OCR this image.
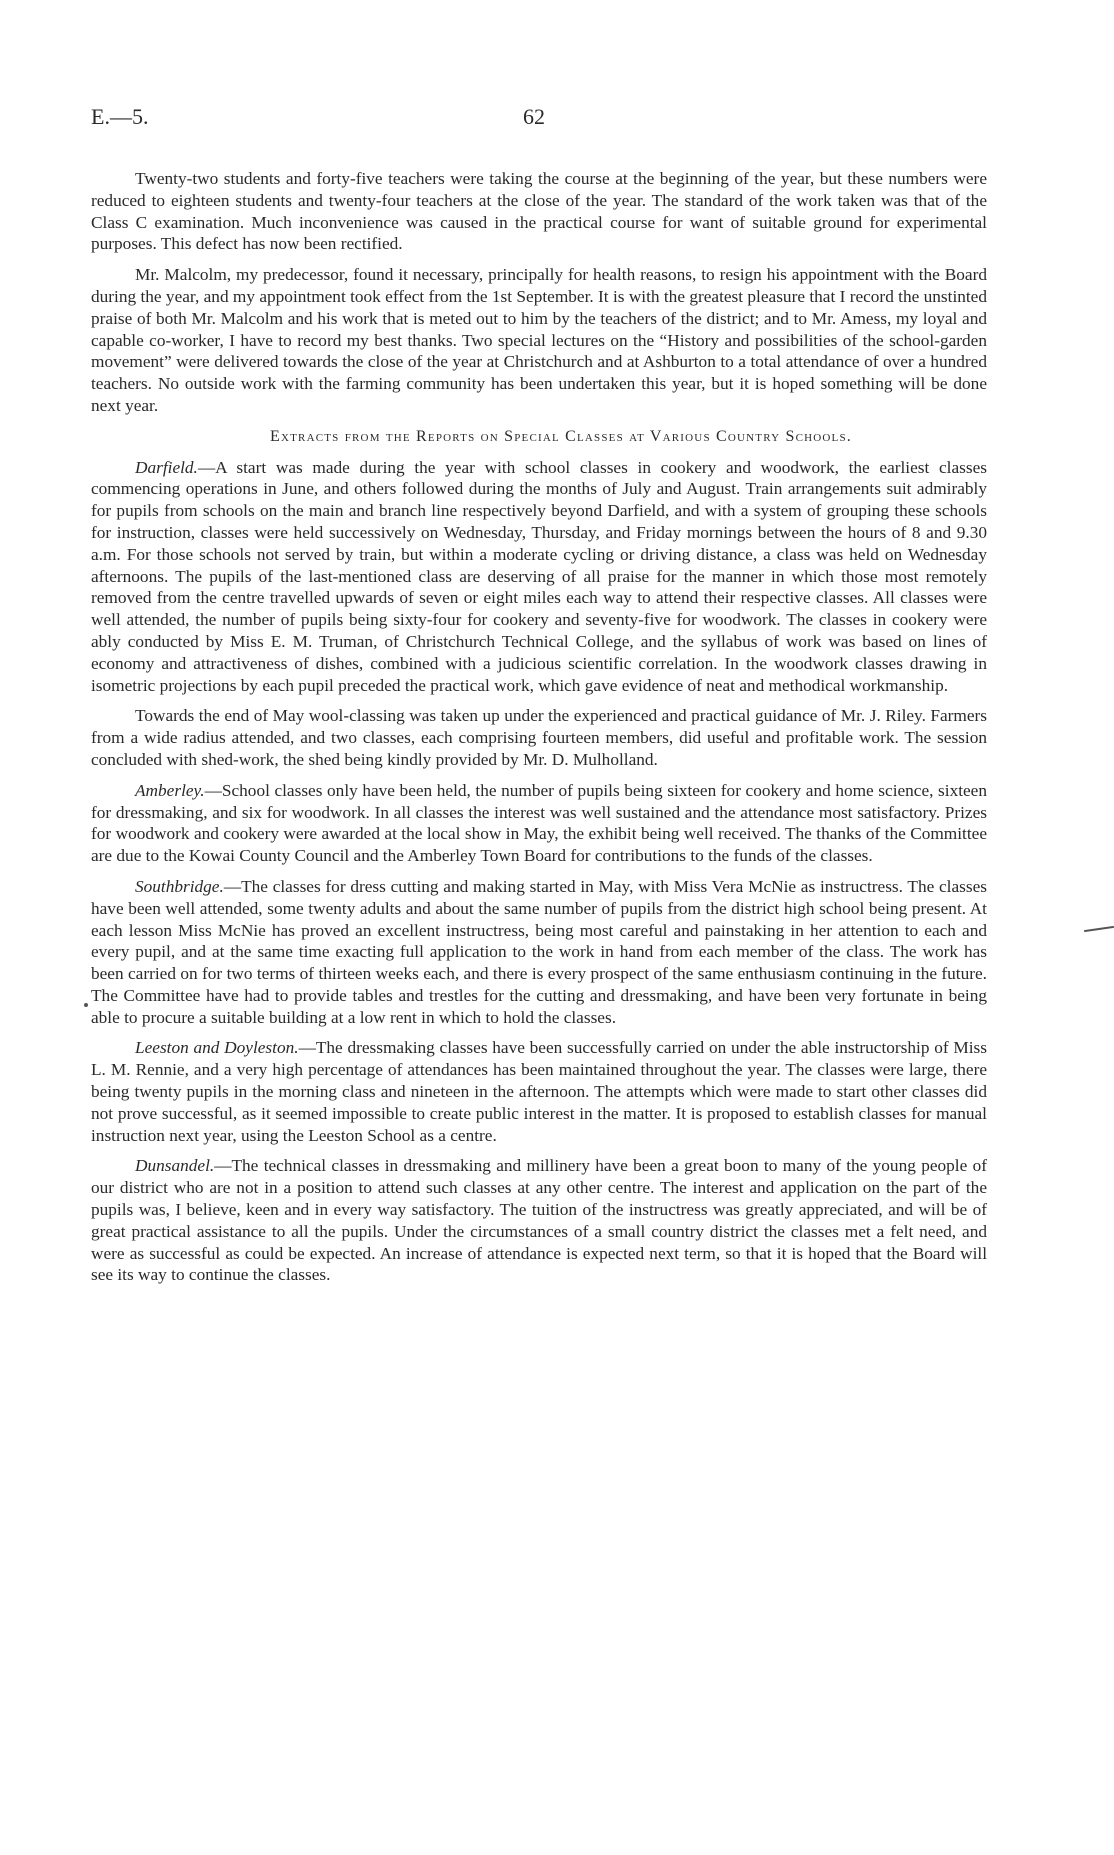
E.—5.	62

Twenty-two students and forty-five teachers were taking the course at the beginning of the year, but these numbers were reduced to eighteen students and twenty-four teachers at the close of the year. The standard of the work taken was that of the Class C examination. Much inconvenience was caused in the practical course for want of suitable ground for experimental purposes. This defect has now been rectified.

Mr. Malcolm, my predecessor, found it necessary, principally for health reasons, to resign his appointment with the Board during the year, and my appointment took effect from the 1st September. It is with the greatest pleasure that I record the unstinted praise of both Mr. Malcolm and his work that is meted out to him by the teachers of the district; and to Mr. Amess, my loyal and capable co-worker, I have to record my best thanks. Two special lectures on the “History and possibilities of the school-garden movement” were delivered towards the close of the year at Christchurch and at Ashburton to a total attendance of over a hundred teachers. No outside work with the farming community has been undertaken this year, but it is hoped something will be done next year.

Extracts from the Reports on Special Classes at Various Country Schools.

Darfield.—A start was made during the year with school classes in cookery and woodwork, the earliest classes commencing operations in June, and others followed during the months of July and August. Train arrangements suit admirably for pupils from schools on the main and branch line respectively beyond Darfield, and with a system of grouping these schools for instruction, classes were held successively on Wednesday, Thursday, and Friday mornings between the hours of 8 and 9.30 a.m. For those schools not served by train, but within a moderate cycling or driving distance, a class was held on Wednesday afternoons. The pupils of the last-mentioned class are deserving of all praise for the manner in which those most remotely removed from the centre travelled upwards of seven or eight miles each way to attend their respective classes. All classes were well attended, the number of pupils being sixty-four for cookery and seventy-five for woodwork. The classes in cookery were ably conducted by Miss E. M. Truman, of Christchurch Technical College, and the syllabus of work was based on lines of economy and attractiveness of dishes, combined with a judicious scientific correlation. In the woodwork classes drawing in isometric projections by each pupil preceded the practical work, which gave evidence of neat and methodical workmanship.

Towards the end of May wool-classing was taken up under the experienced and practical guidance of Mr. J. Riley. Farmers from a wide radius attended, and two classes, each comprising fourteen members, did useful and profitable work. The session concluded with shed-work, the shed being kindly provided by Mr. D. Mulholland.

Amberley.—School classes only have been held, the number of pupils being sixteen for cookery and home science, sixteen for dressmaking, and six for woodwork. In all classes the interest was well sustained and the attendance most satisfactory. Prizes for woodwork and cookery were awarded at the local show in May, the exhibit being well received. The thanks of the Committee are due to the Kowai County Council and the Amberley Town Board for contributions to the funds of the classes.

Southbridge.—The classes for dress cutting and making started in May, with Miss Vera McNie as instructress. The classes have been well attended, some twenty adults and about the same number of pupils from the district high school being present. At each lesson Miss McNie has proved an excellent instructress, being most careful and painstaking in her attention to each and every pupil, and at the same time exacting full application to the work in hand from each member of the class. The work has been carried on for two terms of thirteen weeks each, and there is every prospect of the same enthusiasm continuing in the future. The Committee have had to provide tables and trestles for the cutting and dressmaking, and have been very fortunate in being able to procure a suitable building at a low rent in which to hold the classes.

Leeston and Doyleston.—The dressmaking classes have been successfully carried on under the able instructorship of Miss L. M. Rennie, and a very high percentage of attendances has been maintained throughout the year. The classes were large, there being twenty pupils in the morning class and nineteen in the afternoon. The attempts which were made to start other classes did not prove successful, as it seemed impossible to create public interest in the matter. It is proposed to establish classes for manual instruction next year, using the Leeston School as a centre.

Dunsandel.—The technical classes in dressmaking and millinery have been a great boon to many of the young people of our district who are not in a position to attend such classes at any other centre. The interest and application on the part of the pupils was, I believe, keen and in every way satisfactory. The tuition of the instructress was greatly appreciated, and will be of great practical assistance to all the pupils. Under the circumstances of a small country district the classes met a felt need, and were as successful as could be expected. An increase of attendance is expected next term, so that it is hoped that the Board will see its way to continue the classes.
